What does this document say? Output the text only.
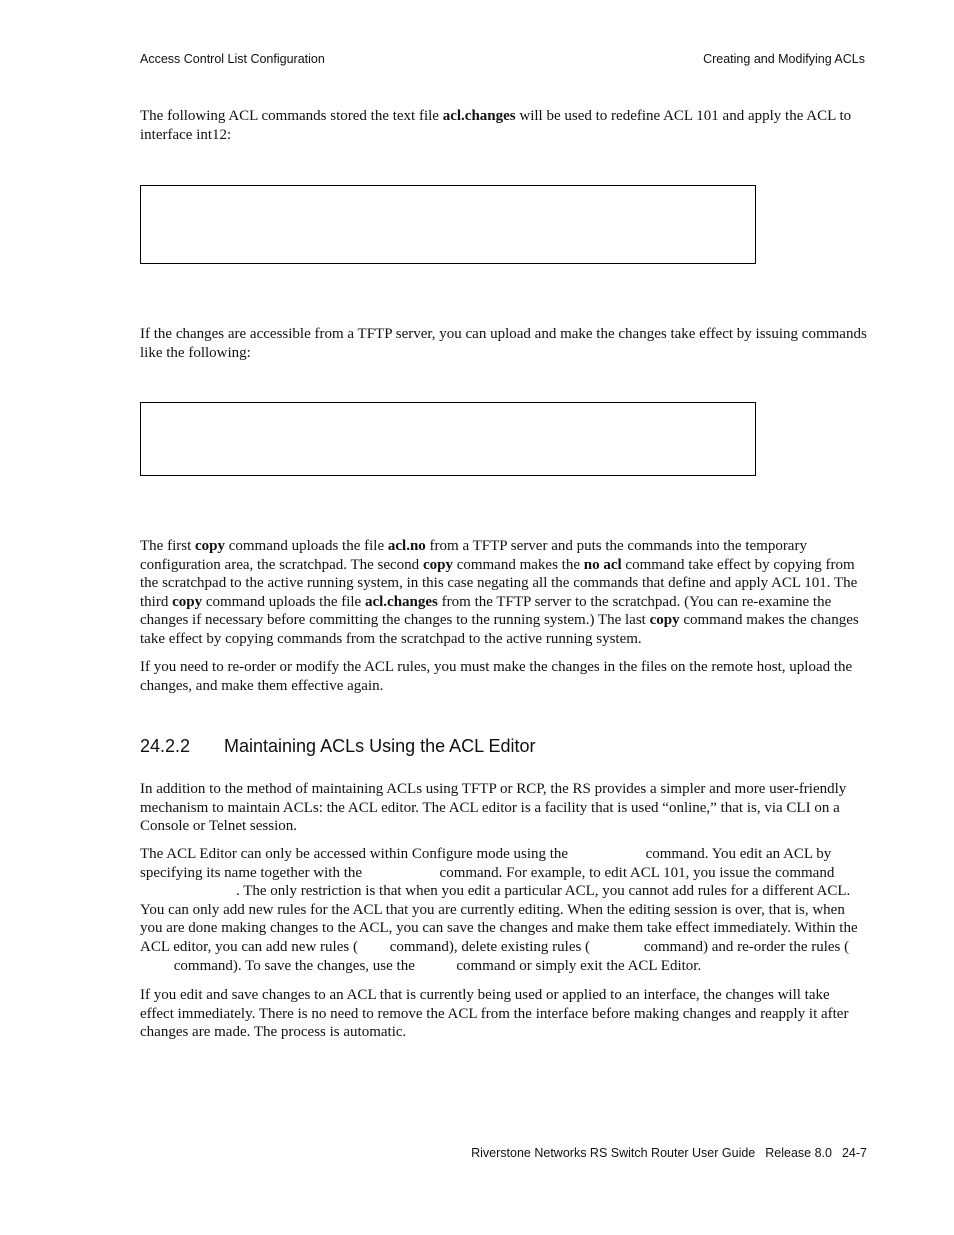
Access Control List Configuration	Creating and Modifying ACLs

The following ACL commands stored the text file acl.changes will be used to redefine ACL 101 and apply the ACL to interface int12:

If the changes are accessible from a TFTP server, you can upload and make the changes take effect by issuing commands like the following:

The first copy command uploads the file acl.no from a TFTP server and puts the commands into the temporary configuration area, the scratchpad. The second copy command makes the no acl command take effect by copying from the scratchpad to the active running system, in this case negating all the commands that define and apply ACL 101. The third copy command uploads the file acl.changes from the TFTP server to the scratchpad. (You can re-examine the changes if necessary before committing the changes to the running system.) The last copy command makes the changes take effect by copying commands from the scratchpad to the active running system.

If you need to re-order or modify the ACL rules, you must make the changes in the files on the remote host, upload the changes, and make them effective again.

24.2.2 Maintaining ACLs Using the ACL Editor

In addition to the method of maintaining ACLs using TFTP or RCP, the RS provides a simpler and more user-friendly mechanism to maintain ACLs: the ACL editor. The ACL editor is a facility that is used “online,” that is, via CLI on a Console or Telnet session.

The ACL Editor can only be accessed within Configure mode using the	command. You edit an ACL by specifying its name together with the	command. For example, to edit ACL 101, you issue the command . The only restriction is that when you edit a particular ACL, you cannot add rules for a different ACL. You can only add new rules for the ACL that you are currently editing. When the editing session is over, that is, when you are done making changes to the ACL, you can save the changes and make them take effect immediately. Within the ACL editor, you can add new rules ( command), delete existing rules (	command) and re-order the rules ( command). To save the changes, use the  command or simply exit the ACL Editor.

If you edit and save changes to an ACL that is currently being used or applied to an interface, the changes will take effect immediately. There is no need to remove the ACL from the interface before making changes and reapply it after changes are made. The process is automatic.

Riverstone Networks RS Switch Router User Guide Release 8.0 24-7
